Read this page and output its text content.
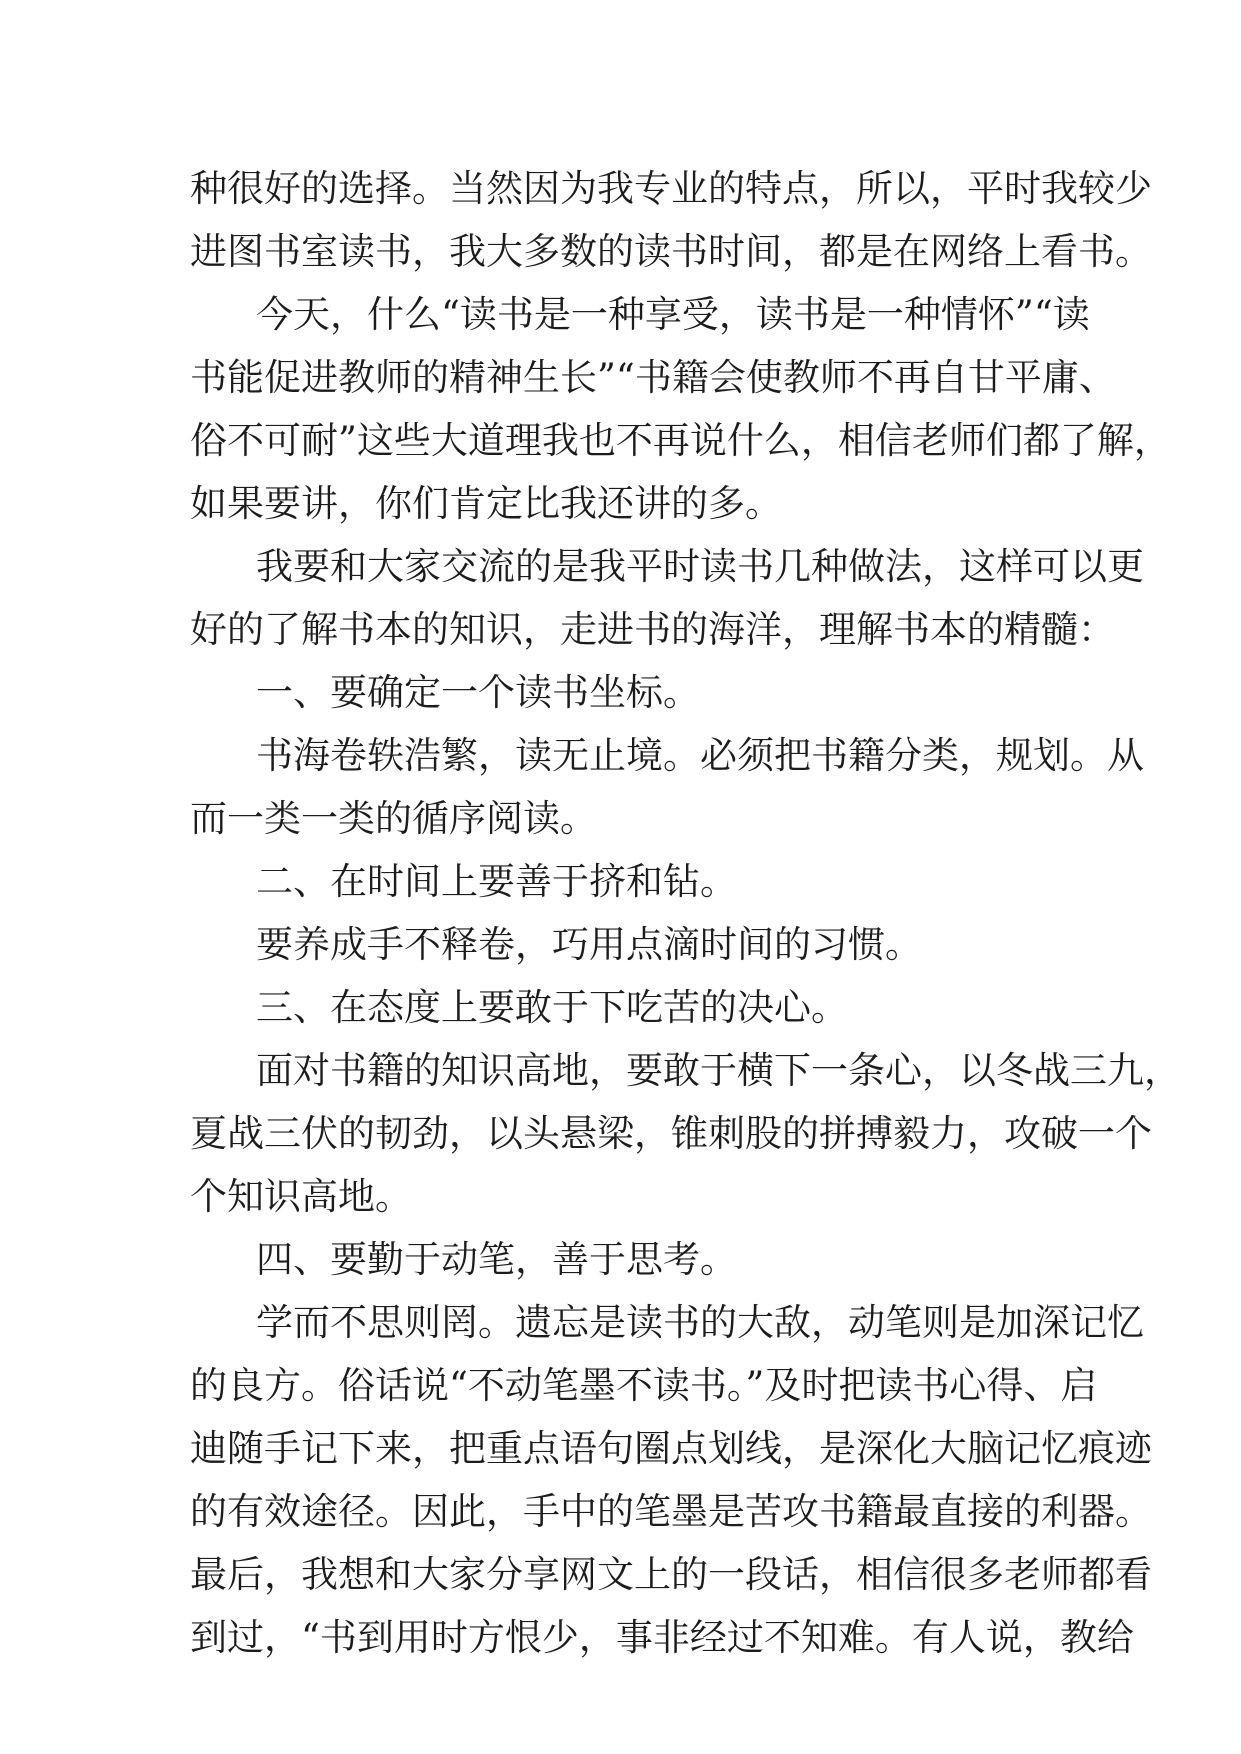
种很好的选择。当然因为我专业的特点，所以，平时我较少

进图书室读书，我大多数的读书时间，都是在网络上看书。

今天，什么“读书是一种享受，读书是一种情怀”“读

书能促进教师的精神生长”“书籍会使教师不再自甘平庸、

俗不可耐”这些大道理我也不再说什么，相信老师们都了解，

如果要讲，你们肯定比我还讲的多。

我要和大家交流的是我平时读书几种做法，这样可以更

好的了解书本的知识，走进书的海洋，理解书本的精髓：

一、要确定一个读书坐标。

书海卷轶浩繁，读无止境。必须把书籍分类，规划。从

而一类一类的循序阅读。

二、在时间上要善于挤和钻。

要养成手不释卷，巧用点滴时间的习惯。

三、在态度上要敢于下吃苦的决心。

面对书籍的知识高地，要敢于横下一条心，以冬战三九，

夏战三伏的韧劲，以头悬梁，锥刺股的拼搏毅力，攻破一个

个知识高地。

四、要勤于动笔，善于思考。

学而不思则罔。遗忘是读书的大敌，动笔则是加深记忆

的良方。俗话说“不动笔墨不读书。”及时把读书心得、启

迪随手记下来，把重点语句圈点划线，是深化大脑记忆痕迹

的有效途径。因此，手中的笔墨是苦攻书籍最直接的利器。

最后，我想和大家分享网文上的一段话，相信很多老师都看

到过，“书到用时方恨少，事非经过不知难。有人说，教给
